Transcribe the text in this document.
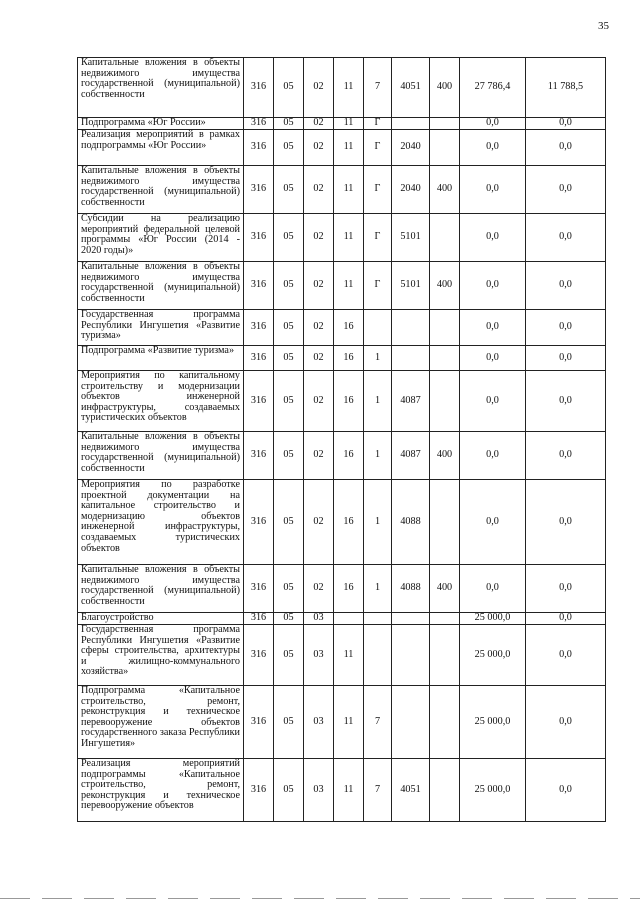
35
Капитальные вложения в объекты недвижимого имущества государственной (муниципальной) собственности	316	05	02	11	7	4051	400	27 786,4	11 788,5
Подпрограмма «Юг России»	316	05	02	11	Г			0,0	0,0
Реализация мероприятий в рамках подпрограммы «Юг России»	316	05	02	11	Г	2040		0,0	0,0
Капитальные вложения в объекты недвижимого имущества государственной (муниципальной) собственности	316	05	02	11	Г	2040	400	0,0	0,0
Субсидии на реализацию мероприятий федеральной целевой программы «Юг России (2014 - 2020 годы)»	316	05	02	11	Г	5101		0,0	0,0
Капитальные вложения в объекты недвижимого имущества государственной (муниципальной) собственности	316	05	02	11	Г	5101	400	0,0	0,0
Государственная программа Республики Ингушетия «Развитие туризма»	316	05	02	16				0,0	0,0
Подпрограмма «Развитие туризма»	316	05	02	16	1			0,0	0,0
Мероприятия по капитальному строительству и модернизации объектов инженерной инфраструктуры, создаваемых туристических объектов	316	05	02	16	1	4087		0,0	0,0
Капитальные вложения в объекты недвижимого имущества государственной (муниципальной) собственности	316	05	02	16	1	4087	400	0,0	0,0
Мероприятия по разработке проектной документации на капитальное строительство и модернизацию объектов инженерной инфраструктуры, создаваемых туристических объектов	316	05	02	16	1	4088		0,0	0,0
Капитальные вложения в объекты недвижимого имущества государственной (муниципальной) собственности	316	05	02	16	1	4088	400	0,0	0,0
Благоустройство	316	05	03					25 000,0	0,0
Государственная программа Республики Ингушетия «Развитие сферы строительства, архитектуры и жилищно-коммунального хозяйства»	316	05	03	11				25 000,0	0,0
Подпрограмма «Капитальное строительство, ремонт, реконструкция и техническое перевооружение объектов государственного заказа Республики Ингушетия»	316	05	03	11	7			25 000,0	0,0
Реализация мероприятий подпрограммы «Капитальное строительство, ремонт, реконструкция и техническое перевооружение объектов	316	05	03	11	7	4051		25 000,0	0,0
